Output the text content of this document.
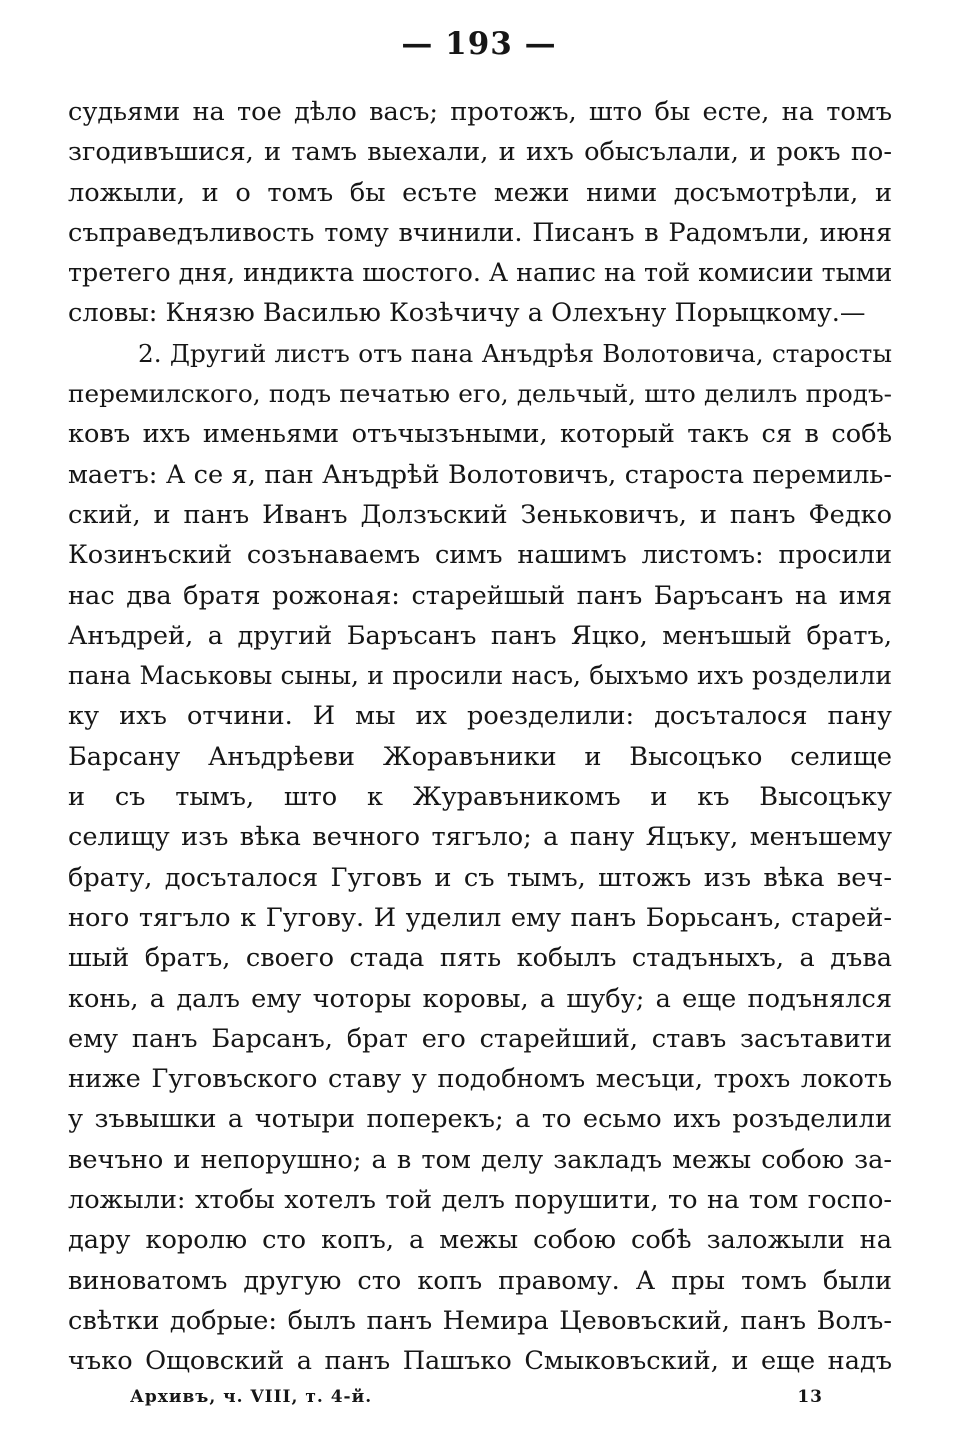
— 193 —
судьями на тое дѣло васъ; протожъ, што бы есте, на томъ
згодивъшися, и тамъ выехали, и ихъ обысълали, и рокъ по-
ложыли, и о томъ бы есъте межи ними досъмотрѣли, и
съправедъливость тому вчинили. Писанъ в Радомъли, июня
третего дня, индикта шостого. А напис на той комисии тыми
словы: Князю Василью Козѣчичу а Олехъну Порыцкому.—
2. Другий листъ отъ пана Анъдрѣя Волотовича, старосты
перемилского, подъ печатью его, дельчый, што делилъ продъ-
ковъ ихъ именьями отъчызъными, который такъ ся в собѣ
маетъ: А се я, пан Анъдрѣй Волотовичъ, староста перемиль-
ский, и панъ Иванъ Долзъский Зеньковичъ, и панъ Федко
Козинъский созънаваемъ симъ нашимъ листомъ: просили
нас два братя рожоная: старейшый панъ Баръсанъ на имя
Анъдрей, а другий Баръсанъ панъ Яцко, менъшый братъ,
пана Маськовы сыны, и просили насъ, быхъмо ихъ розделили
ку ихъ отчини. И мы их роезделили: досъталося пану
Барсану Анъдрѣеви Жоравъники и Высоцъко селище
и съ тымъ, што к Журавъникомъ и къ Высоцъку
селищу изъ вѣка вечного тягъло; а пану Яцъку, менъшему
брату, досъталося Гуговъ и съ тымъ, штожъ изъ вѣка веч-
ного тягъло к Гугову. И уделил ему панъ Борьсанъ, старей-
шый братъ, своего стада пять кобылъ стадъныхъ, а дъва
конь, а далъ ему чоторы коровы, а шубу; а еще подънялся
ему панъ Барсанъ, брат его старейший, ставъ засътавити
ниже Гуговъского ставу у подобномъ месъци, трохъ локоть
у зъвышки а чотыри поперекъ; а то есьмо ихъ розъделили
вечъно и непорушно; а в том делу закладъ межы собою за-
ложыли: хтобы хотелъ той делъ порушити, то на том госпо-
дару королю сто копъ, а межы собою собѣ заложыли на
виноватомъ другую сто копъ правому. А пры томъ были
свѣтки добрые: былъ панъ Немира Цевовъский, панъ Волъ-
чъко Ощовский а панъ Пашъко Смыковъский, и еще надъ
Архивъ, ч. VIII, т. 4-й.	13
